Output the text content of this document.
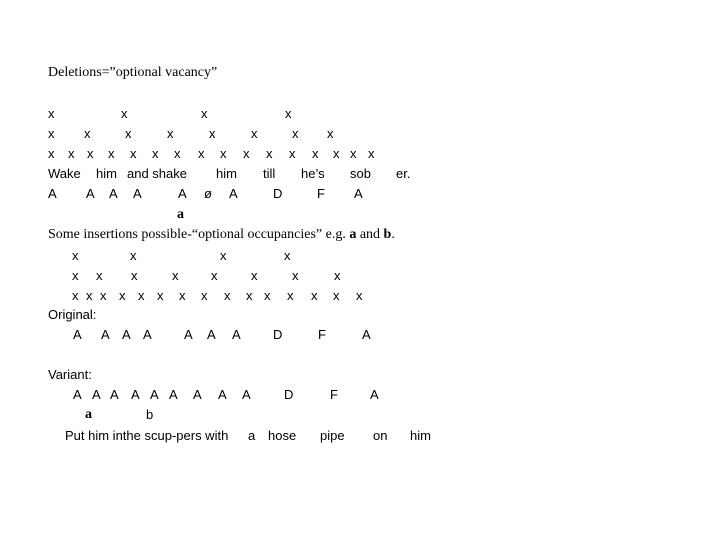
Deletions=”optional vacancy”
x	x	x	x
x x	x	x	x	x	x x
x x x x x x x x x x x x x x x x
Wake him and shake him till he’s sob er.
A A A A	A ø A	D	F A
a
Some insertions possible-“optional occupancies” e.g. a and b.
x	x	x	x
x x x	x	x	x	x	x
x x x x x x x x x x x x x x x
Original:
A A A A A A A D	F	A
Variant:
A A A A A A A A A	D	F A
a	b
Put him inthe scup-pers with a hose pipe on him
